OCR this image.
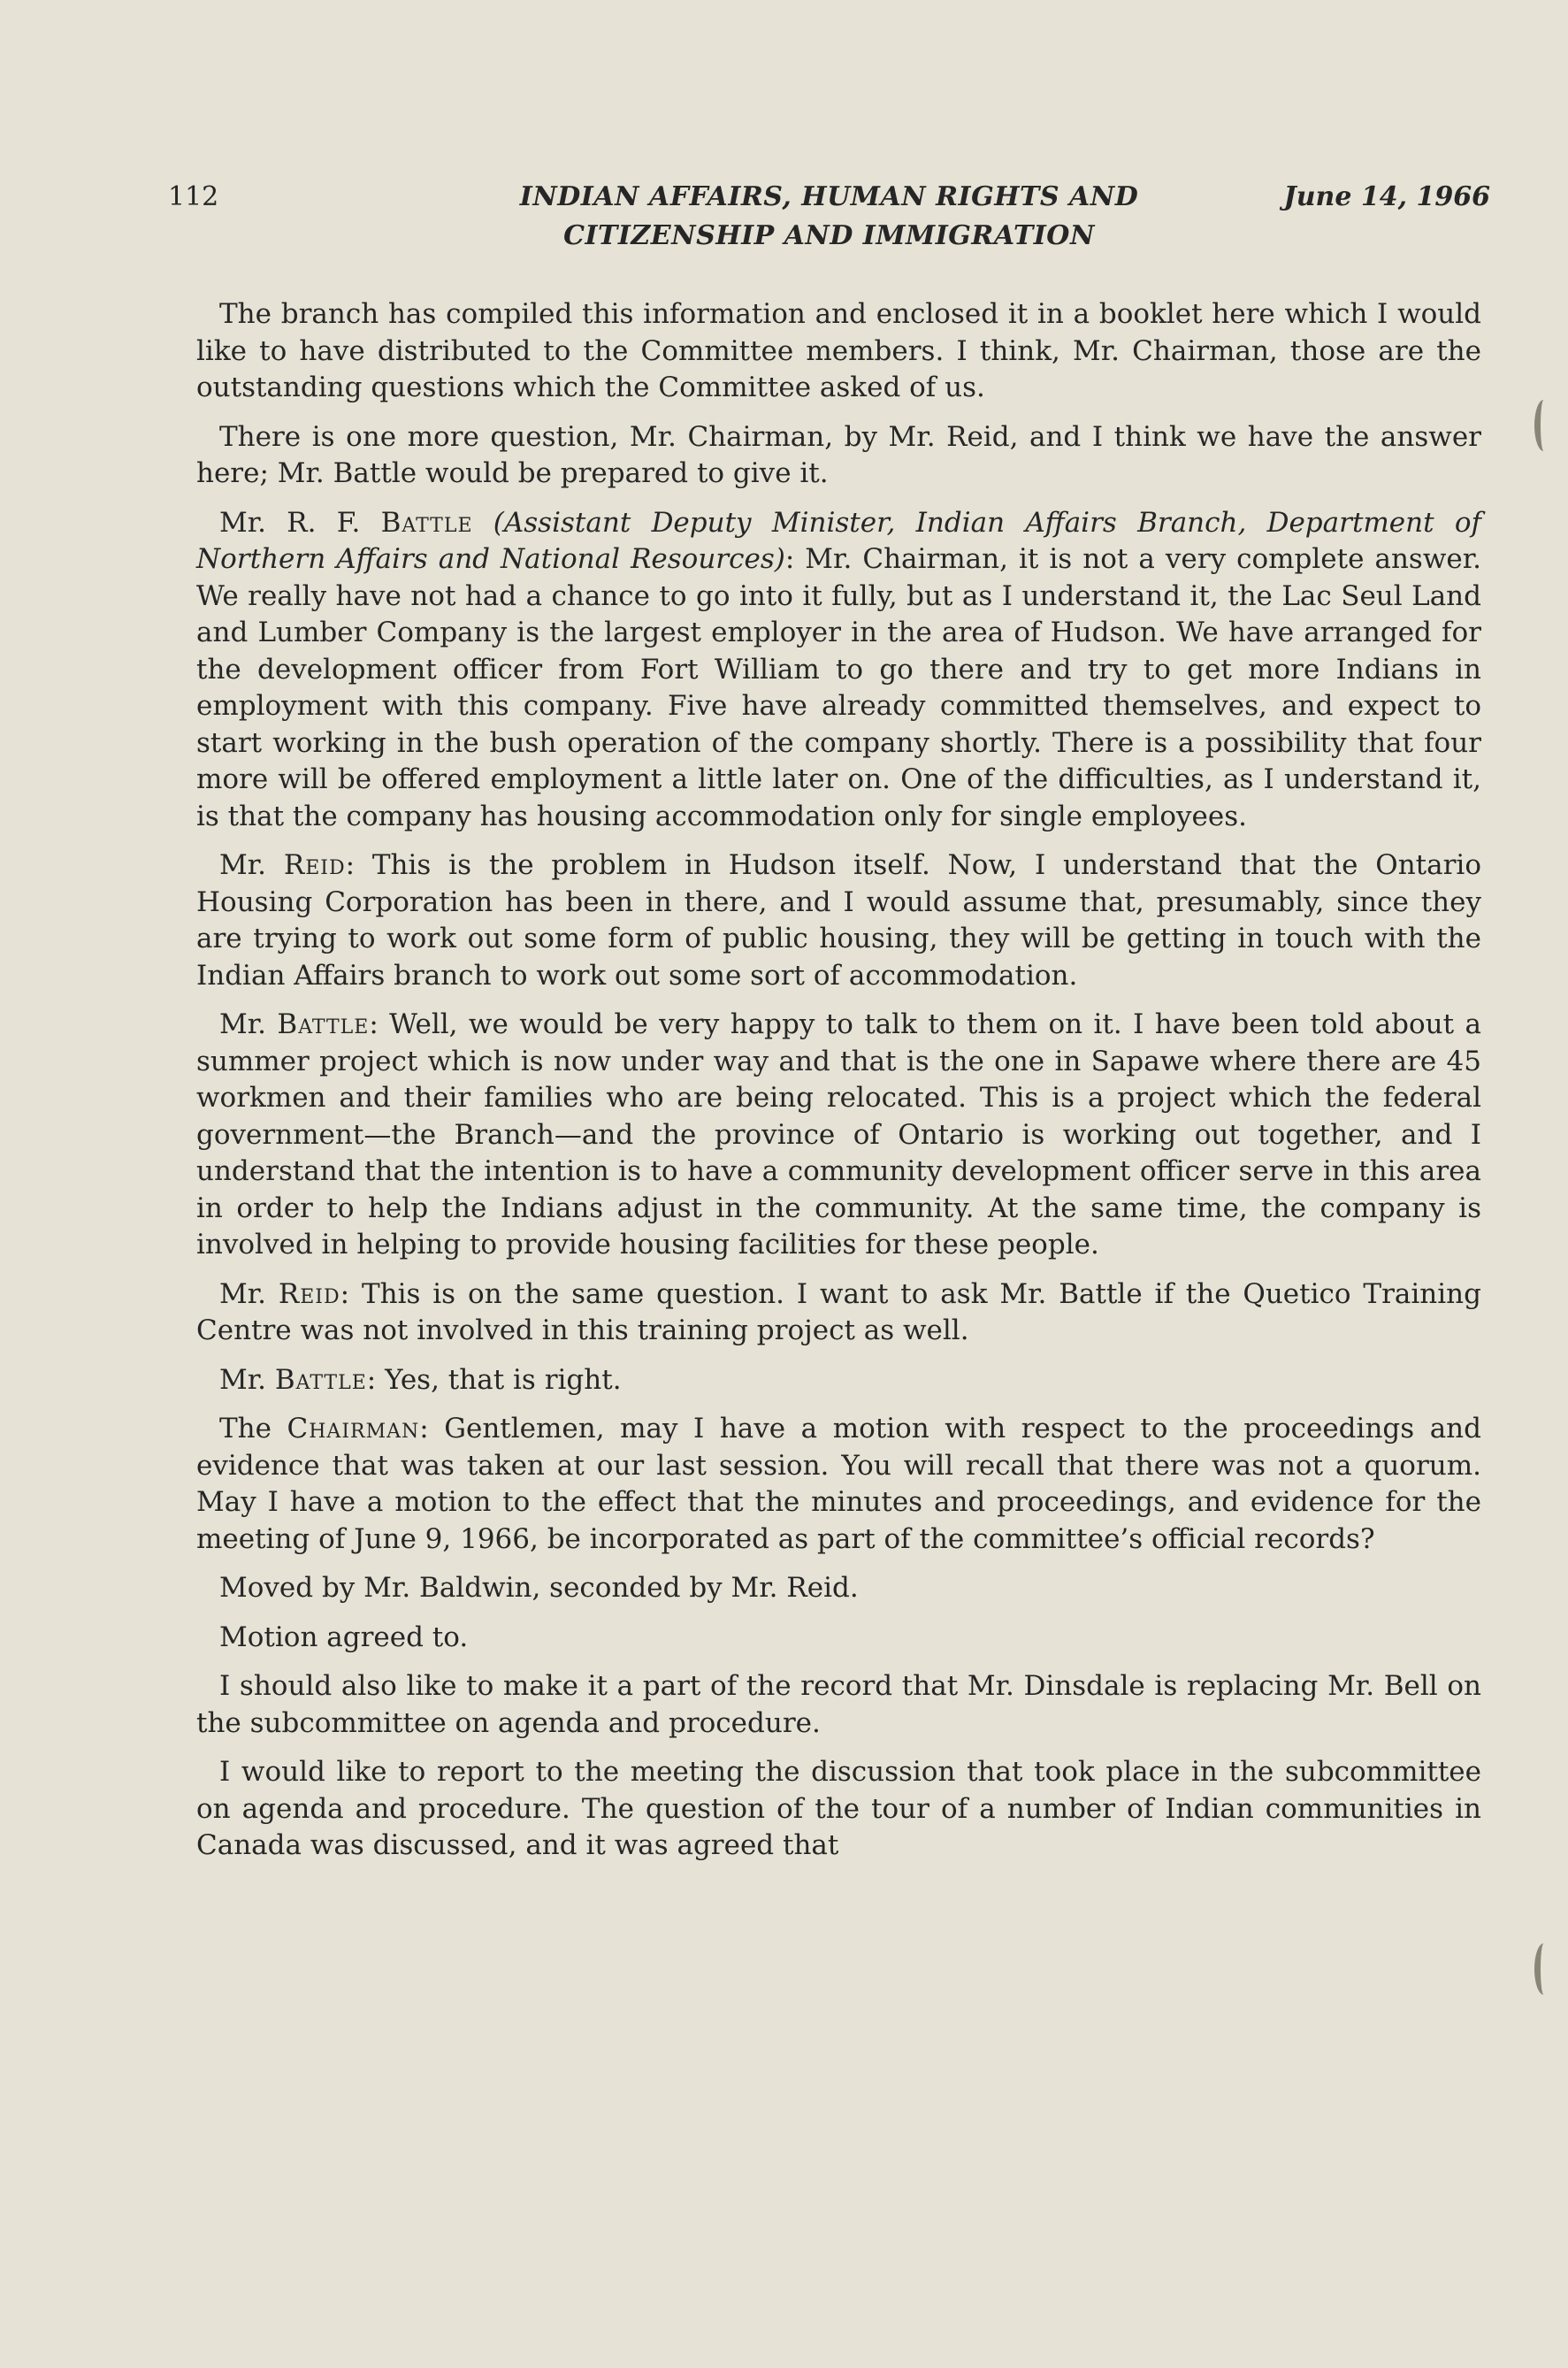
112	INDIAN AFFAIRS, HUMAN RIGHTS AND
CITIZENSHIP AND IMMIGRATION
June 14, 1966

The branch has compiled this information and enclosed it in a booklet here which I would like to have distributed to the Committee members. I think, Mr. Chairman, those are the outstanding questions which the Committee asked of us.

There is one more question, Mr. Chairman, by Mr. Reid, and I think we have the answer here; Mr. Battle would be prepared to give it.

Mr. R. F. Battle (Assistant Deputy Minister, Indian Affairs Branch, Department of Northern Affairs and National Resources): Mr. Chairman, it is not a very complete answer. We really have not had a chance to go into it fully, but as I understand it, the Lac Seul Land and Lumber Company is the largest employer in the area of Hudson. We have arranged for the development officer from Fort William to go there and try to get more Indians in employment with this company. Five have already committed themselves, and expect to start working in the bush operation of the company shortly. There is a possibility that four more will be offered employment a little later on. One of the difficulties, as I understand it, is that the company has housing accommodation only for single employees.

Mr. Reid: This is the problem in Hudson itself. Now, I understand that the Ontario Housing Corporation has been in there, and I would assume that, presumably, since they are trying to work out some form of public housing, they will be getting in touch with the Indian Affairs branch to work out some sort of accommodation.

Mr. Battle: Well, we would be very happy to talk to them on it. I have been told about a summer project which is now under way and that is the one in Sapawe where there are 45 workmen and their families who are being relocated. This is a project which the federal government—the Branch—and the province of Ontario is working out together, and I understand that the intention is to have a community development officer serve in this area in order to help the Indians adjust in the community. At the same time, the company is involved in helping to provide housing facilities for these people.

Mr. Reid: This is on the same question. I want to ask Mr. Battle if the Quetico Training Centre was not involved in this training project as well.

Mr. Battle: Yes, that is right.

The Chairman: Gentlemen, may I have a motion with respect to the proceedings and evidence that was taken at our last session. You will recall that there was not a quorum. May I have a motion to the effect that the minutes and proceedings, and evidence for the meeting of June 9, 1966, be incorporated as part of the committee’s official records?

Moved by Mr. Baldwin, seconded by Mr. Reid.

Motion agreed to.

I should also like to make it a part of the record that Mr. Dinsdale is replacing Mr. Bell on the subcommittee on agenda and procedure.

I would like to report to the meeting the discussion that took place in the subcommittee on agenda and procedure. The question of the tour of a number of Indian communities in Canada was discussed, and it was agreed that
